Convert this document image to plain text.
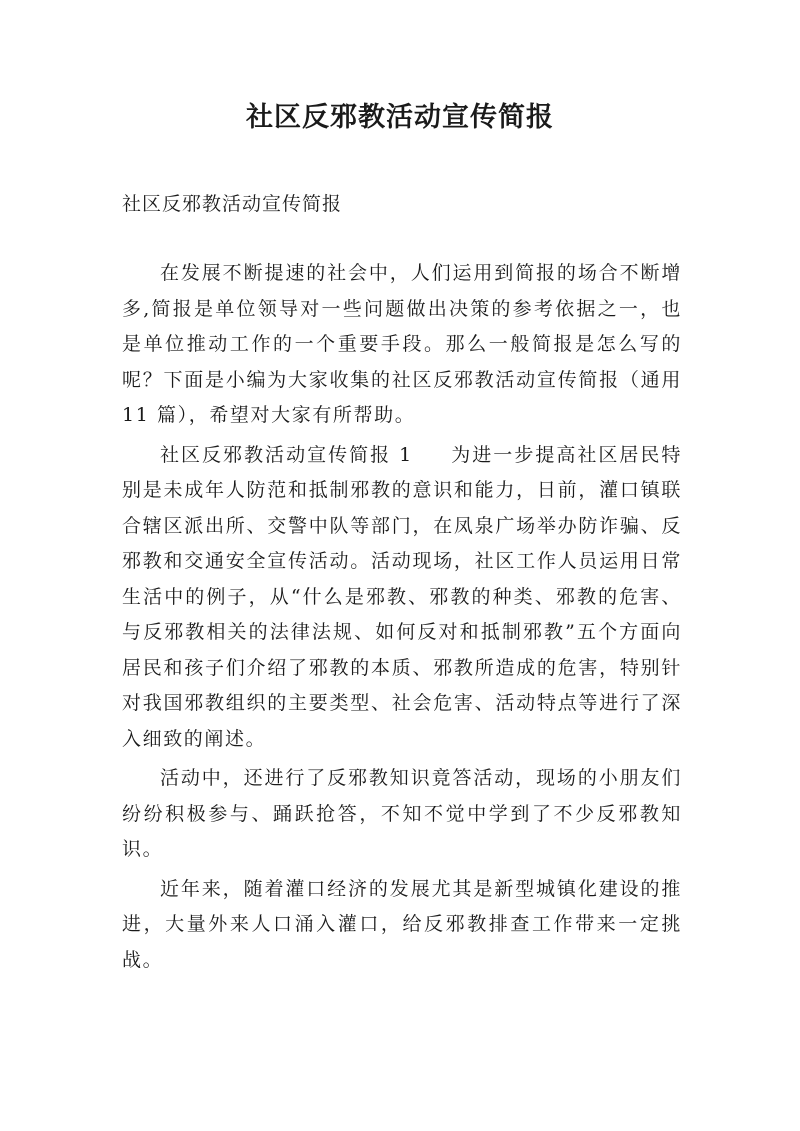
社区反邪教活动宣传简报
社区反邪教活动宣传简报

在发展不断提速的社会中，人们运用到简报的场合不断增多,简报是单位领导对一些问题做出决策的参考依据之一，也是单位推动工作的一个重要手段。那么一般简报是怎么写的呢？下面是小编为大家收集的社区反邪教活动宣传简报（通用 11 篇），希望对大家有所帮助。

社区反邪教活动宣传简报 1 为进一步提高社区居民特别是未成年人防范和抵制邪教的意识和能力，日前，灌口镇联合辖区派出所、交警中队等部门，在凤泉广场举办防诈骗、反邪教和交通安全宣传活动。活动现场，社区工作人员运用日常生活中的例子，从“什么是邪教、邪教的种类、邪教的危害、与反邪教相关的法律法规、如何反对和抵制邪教”五个方面向居民和孩子们介绍了邪教的本质、邪教所造成的危害，特别针对我国邪教组织的主要类型、社会危害、活动特点等进行了深入细致的阐述。

活动中，还进行了反邪教知识竟答活动，现场的小朋友们纷纷积极参与、踊跃抢答，不知不觉中学到了不少反邪教知识。

近年来，随着灌口经济的发展尤其是新型城镇化建设的推进，大量外来人口涌入灌口，给反邪教排查工作带来一定挑战。
